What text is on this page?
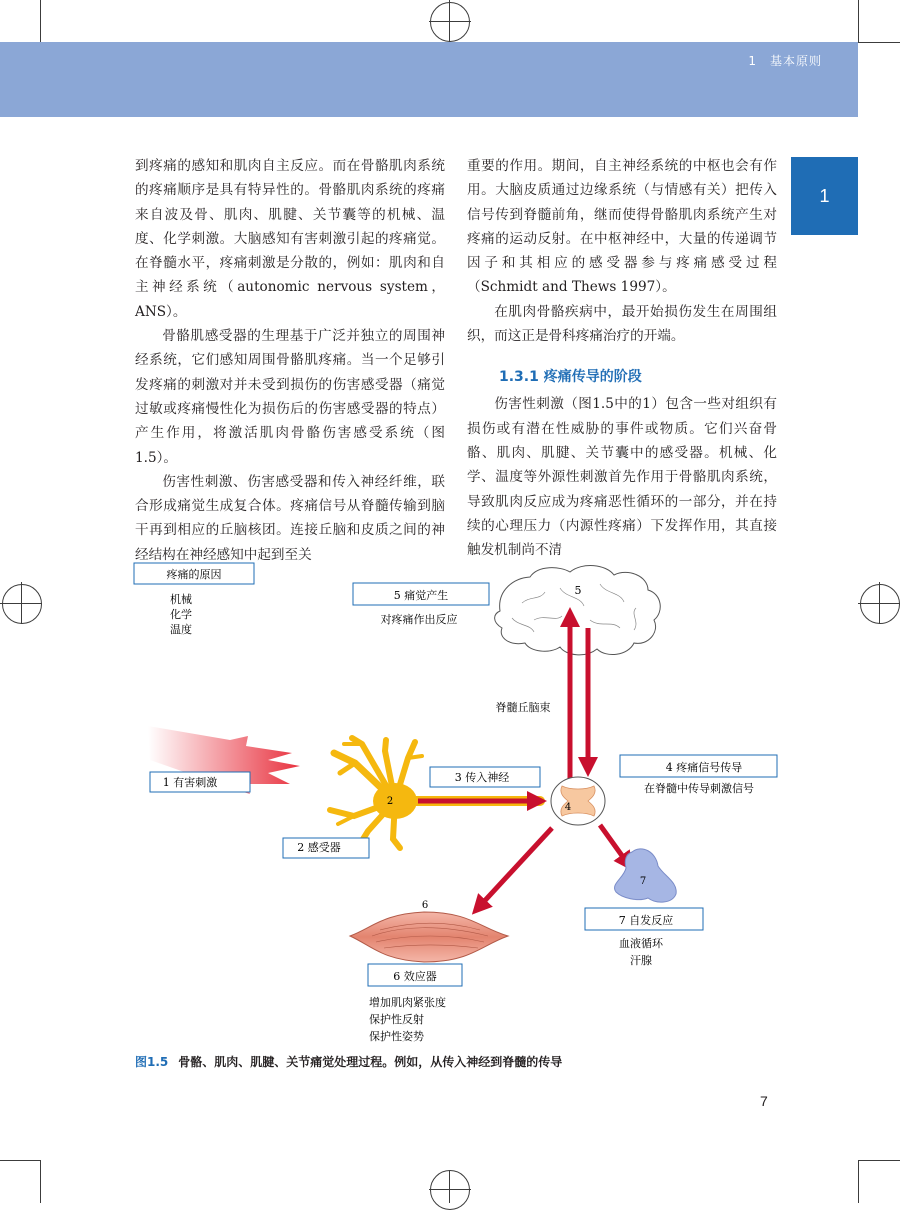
1　基本原则
1

到疼痛的感知和肌肉自主反应。而在骨骼肌肉系统的疼痛顺序是具有特异性的。骨骼肌肉系统的疼痛来自波及骨、肌肉、肌腱、关节囊等的机械、温度、化学刺激。大脑感知有害刺激引起的疼痛觉。在脊髓水平，疼痛刺激是分散的，例如：肌肉和自主神经系统（autonomic nervous system，ANS）。

骨骼肌感受器的生理基于广泛并独立的周围神经系统，它们感知周围骨骼肌疼痛。当一个足够引发疼痛的刺激对并未受到损伤的伤害感受器（痛觉过敏或疼痛慢性化为损伤后的伤害感受器的特点）产生作用，将激活肌肉骨骼伤害感受系统（图1.5）。

伤害性刺激、伤害感受器和传入神经纤维，联合形成痛觉生成复合体。疼痛信号从脊髓传输到脑干再到相应的丘脑核团。连接丘脑和皮质之间的神经结构在神经感知中起到至关

重要的作用。期间，自主神经系统的中枢也会有作用。大脑皮质通过边缘系统（与情感有关）把传入信号传到脊髓前角，继而使得骨骼肌肉系统产生对疼痛的运动反射。在中枢神经中，大量的传递调节因子和其相应的感受器参与疼痛感受过程（Schmidt and Thews 1997）。

在肌肉骨骼疾病中，最开始损伤发生在周围组织，而这正是骨科疼痛治疗的开端。

1.3.1 疼痛传导的阶段

伤害性刺激（图1.5中的1）包含一些对组织有损伤或有潜在性威胁的事件或物质。它们兴奋骨骼、肌肉、肌腱、关节囊中的感受器。机械、化学、温度等外源性刺激首先作用于骨骼肌肉系统，导致肌肉反应成为疼痛恶性循环的一部分，并在持续的心理压力（内源性疼痛）下发挥作用，其直接触发机制尚不清

疼痛的原因
机械
化学
温度
5 痛觉产生
对疼痛作出反应
5
脊髓丘脑束
1 有害刺激
2
2 感受器
3 传入神经
4
4 疼痛信号传导
在脊髓中传导刺激信号
7
7 自发反应
血液循环
汗腺
6
6 效应器
增加肌肉紧张度
保护性反射
保护性姿势
图1.5 骨骼、肌肉、肌腱、关节痛觉处理过程。例如，从传入神经到脊髓的传导
7
